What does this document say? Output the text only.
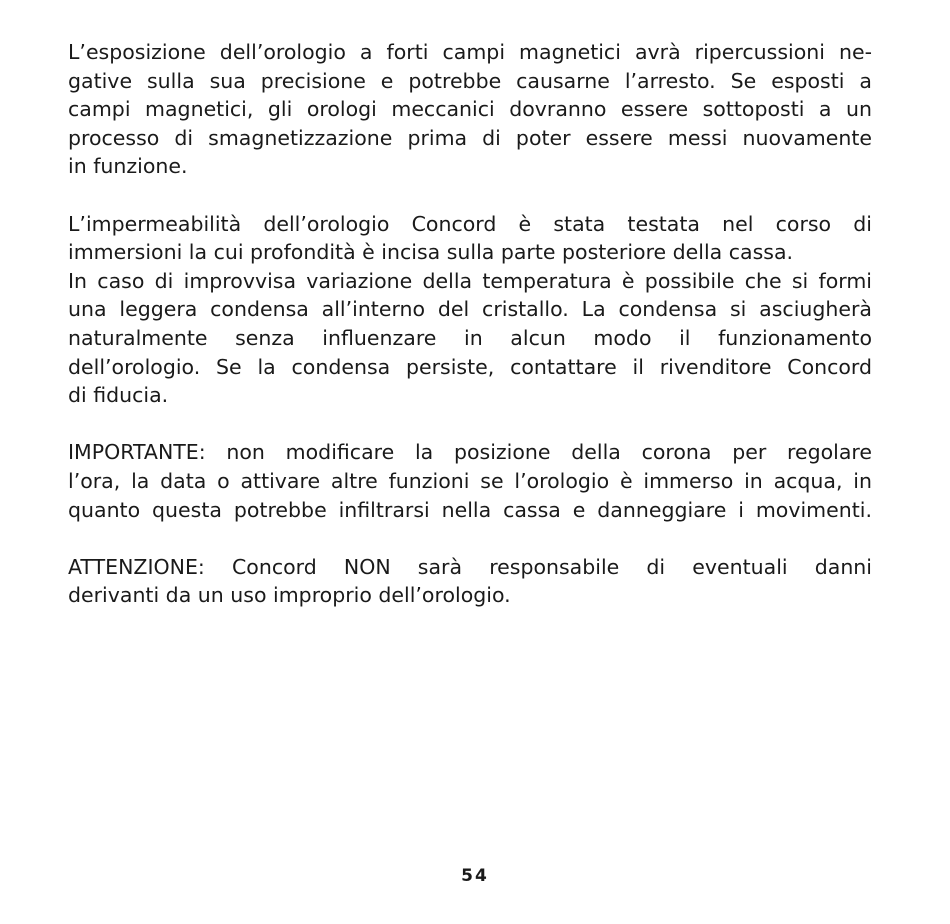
L’esposizione dell’orologio a forti campi magnetici avrà ripercussioni ne-
gative sulla sua precisione e potrebbe causarne l’arresto. Se esposti a
campi magnetici, gli orologi meccanici dovranno essere sottoposti a un
processo di smagnetizzazione prima di poter essere messi nuovamente
in funzione.

L’impermeabilità dell’orologio Concord è stata testata nel corso di
immersioni la cui profondità è incisa sulla parte posteriore della cassa.
In caso di improvvisa variazione della temperatura è possibile che si formi
una leggera condensa all’interno del cristallo. La condensa si asciugherà
naturalmente senza influenzare in alcun modo il funzionamento
dell’orologio. Se la condensa persiste, contattare il rivenditore Concord
di fiducia.

IMPORTANTE: non modificare la posizione della corona per regolare
l’ora, la data o attivare altre funzioni se l’orologio è immerso in acqua, in
quanto questa potrebbe infiltrarsi nella cassa e danneggiare i movimenti.

ATTENZIONE: Concord NON sarà responsabile di eventuali danni
derivanti da un uso improprio dell’orologio.

54
